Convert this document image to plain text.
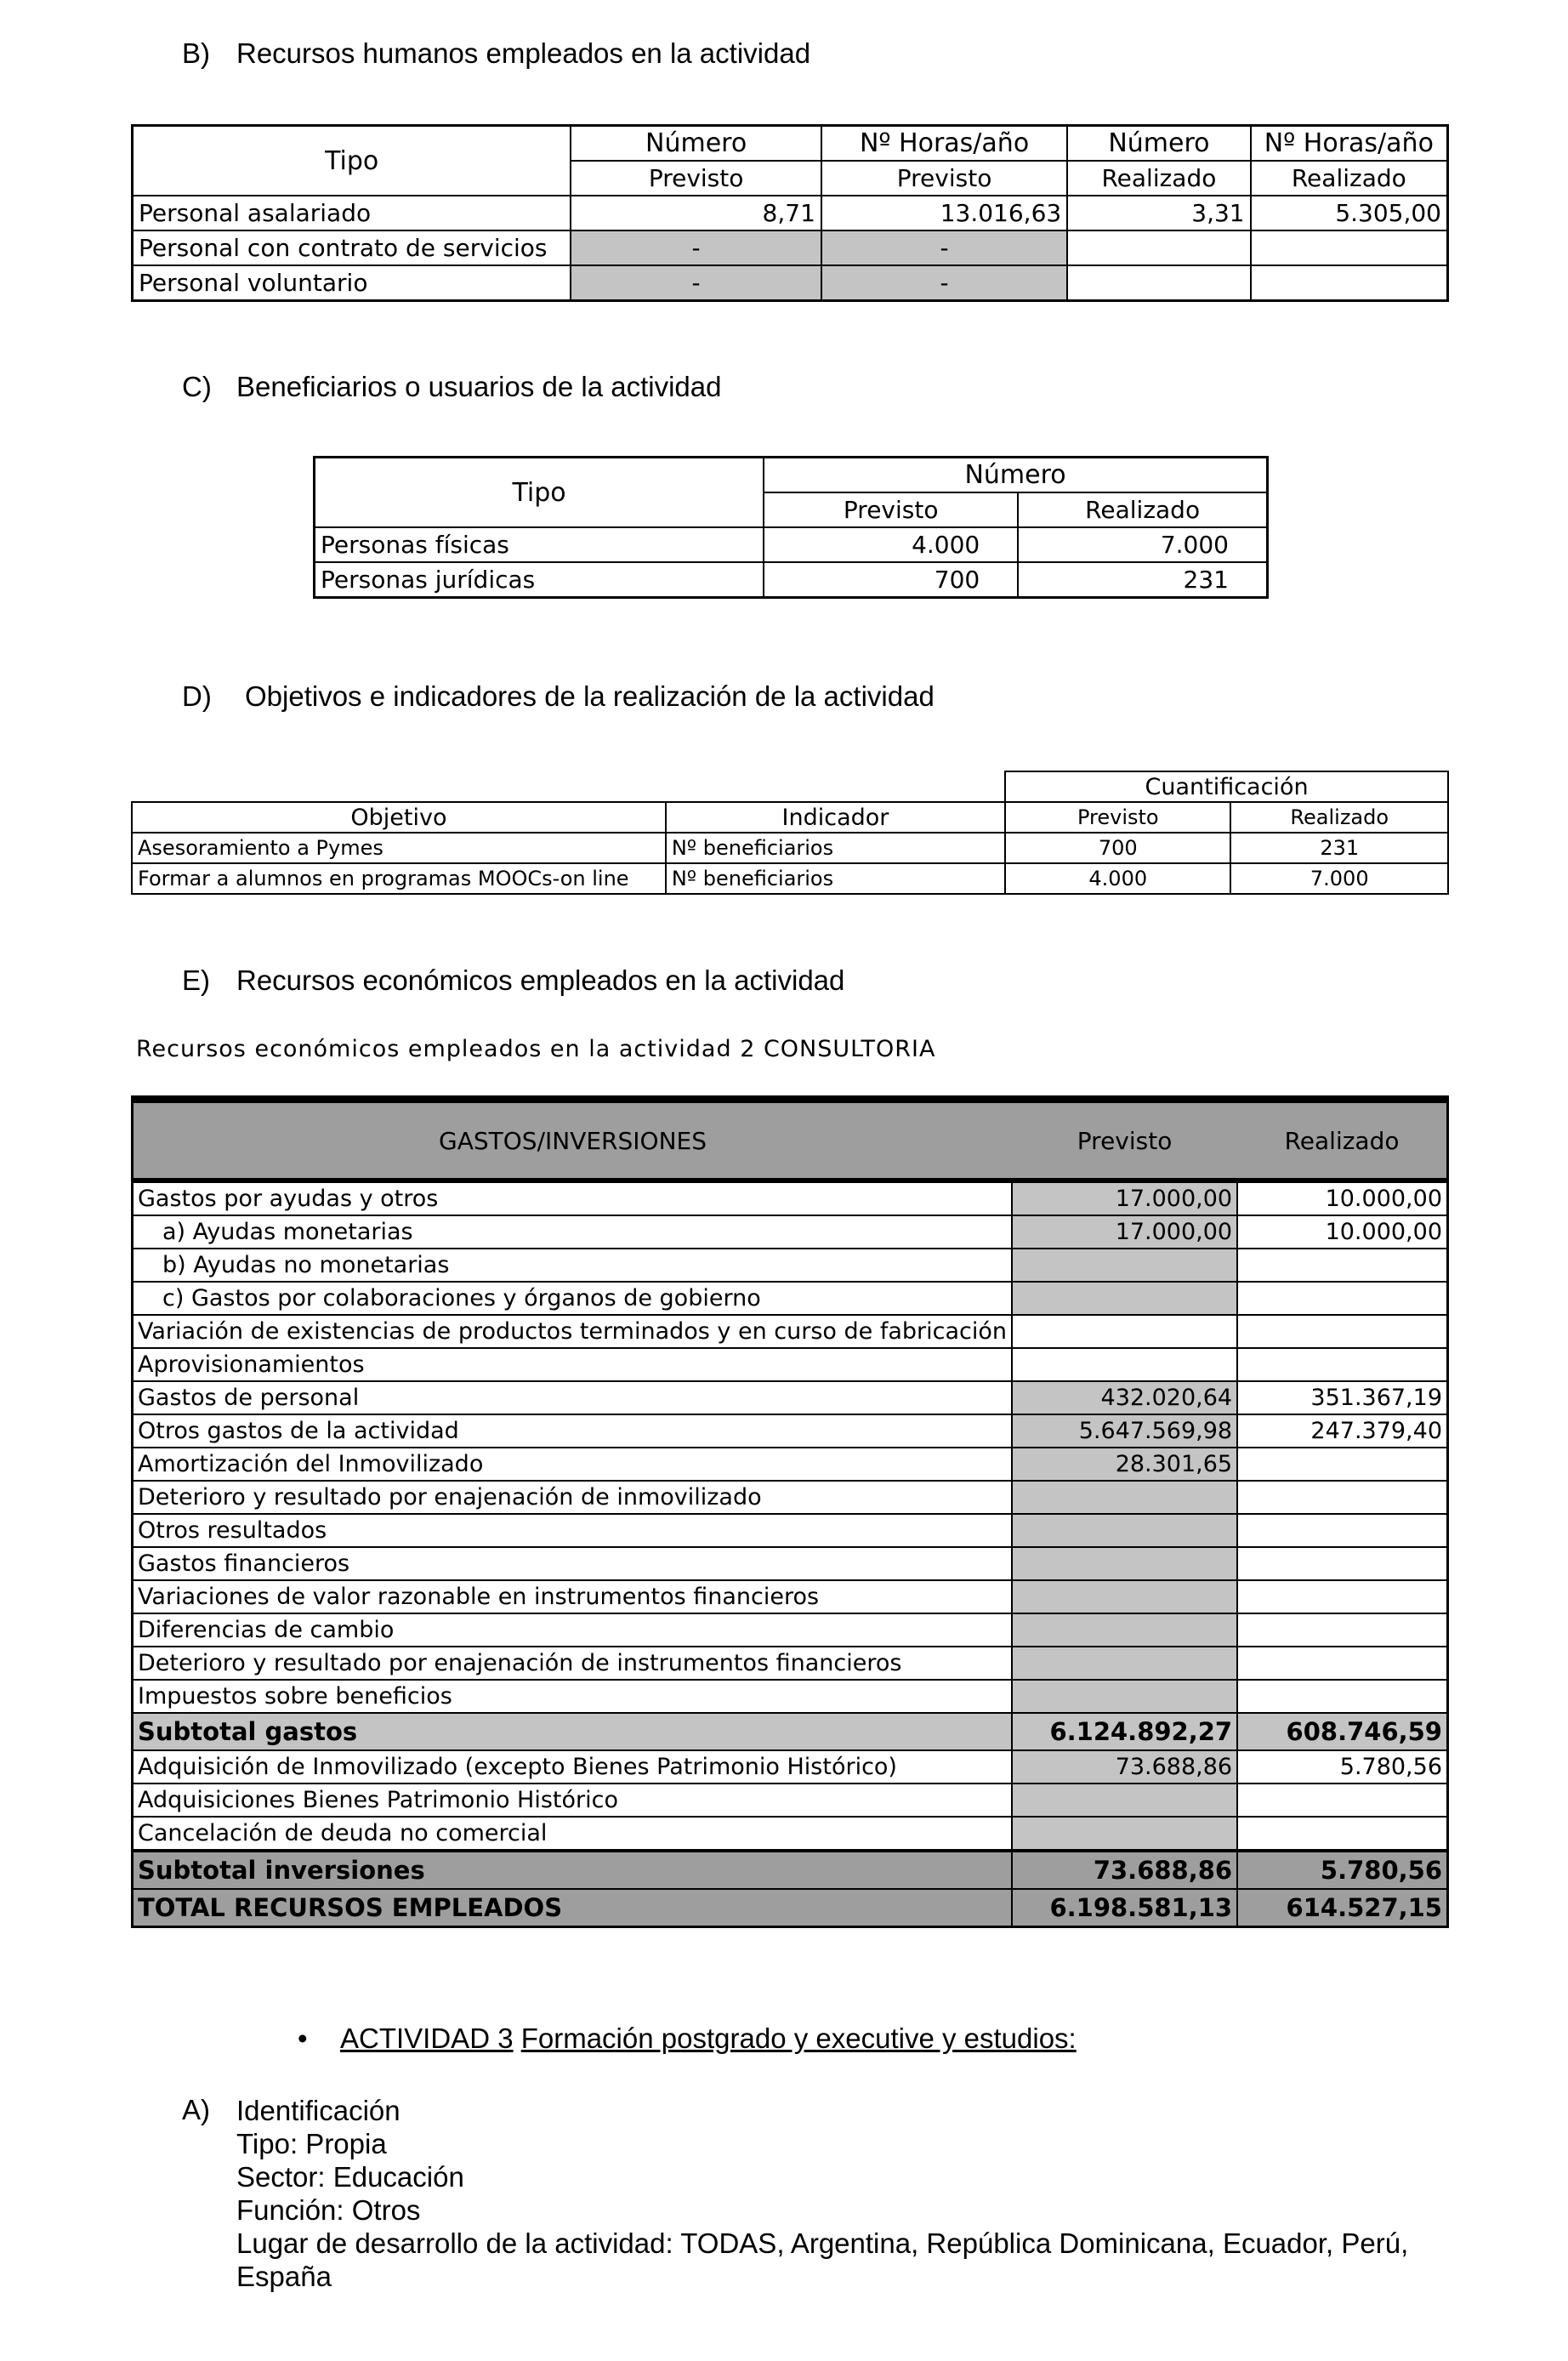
B) Recursos humanos empleados en la actividad
Tipo	Número	Nº Horas/año	Número	Nº Horas/año
	Previsto	Previsto	Realizado	Realizado
Personal asalariado	8,71	13.016,63	3,31	5.305,00
Personal con contrato de servicios	-	-		
Personal voluntario	-	-		
C) Beneficiarios o usuarios de la actividad
Tipo	Número	
	Previsto	Realizado
Personas físicas	4.000	7.000
Personas jurídicas	700	231
D) Objetivos e indicadores de la realización de la actividad
		Cuantificación	
Objetivo	Indicador	Previsto	Realizado
Asesoramiento a Pymes	Nº beneficiarios	700	231
Formar a alumnos en programas MOOCs-on line	Nº beneficiarios	4.000	7.000
E) Recursos económicos empleados en la actividad
Recursos económicos empleados en la actividad 2 CONSULTORIA
GASTOS/INVERSIONES	Previsto	Realizado

Gastos por ayudas y otros	17.000,00	10.000,00
a) Ayudas monetarias	17.000,00	10.000,00
b) Ayudas no monetarias		
c) Gastos por colaboraciones y órganos de gobierno		
Variación de existencias de productos terminados y en curso de fabricación		
Aprovisionamientos		
Gastos de personal	432.020,64	351.367,19
Otros gastos de la actividad	5.647.569,98	247.379,40
Amortización del Inmovilizado	28.301,65	
Deterioro y resultado por enajenación de inmovilizado		
Otros resultados		
Gastos financieros		
Variaciones de valor razonable en instrumentos financieros		
Diferencias de cambio		
Deterioro y resultado por enajenación de instrumentos financieros		
Impuestos sobre beneficios		
Subtotal gastos	6.124.892,27	608.746,59
Adquisición de Inmovilizado (excepto Bienes Patrimonio Histórico)	73.688,86	5.780,56
Adquisiciones Bienes Patrimonio Histórico		
Cancelación de deuda no comercial		
Subtotal inversiones	73.688,86	5.780,56
TOTAL RECURSOS EMPLEADOS	6.198.581,13	614.527,15
• ACTIVIDAD 3 Formación postgrado y executive y estudios:
A) Identificación
Tipo: Propia
Sector: Educación
Función: Otros
Lugar de desarrollo de la actividad: TODAS, Argentina, República Dominicana, Ecuador, Perú,
España
